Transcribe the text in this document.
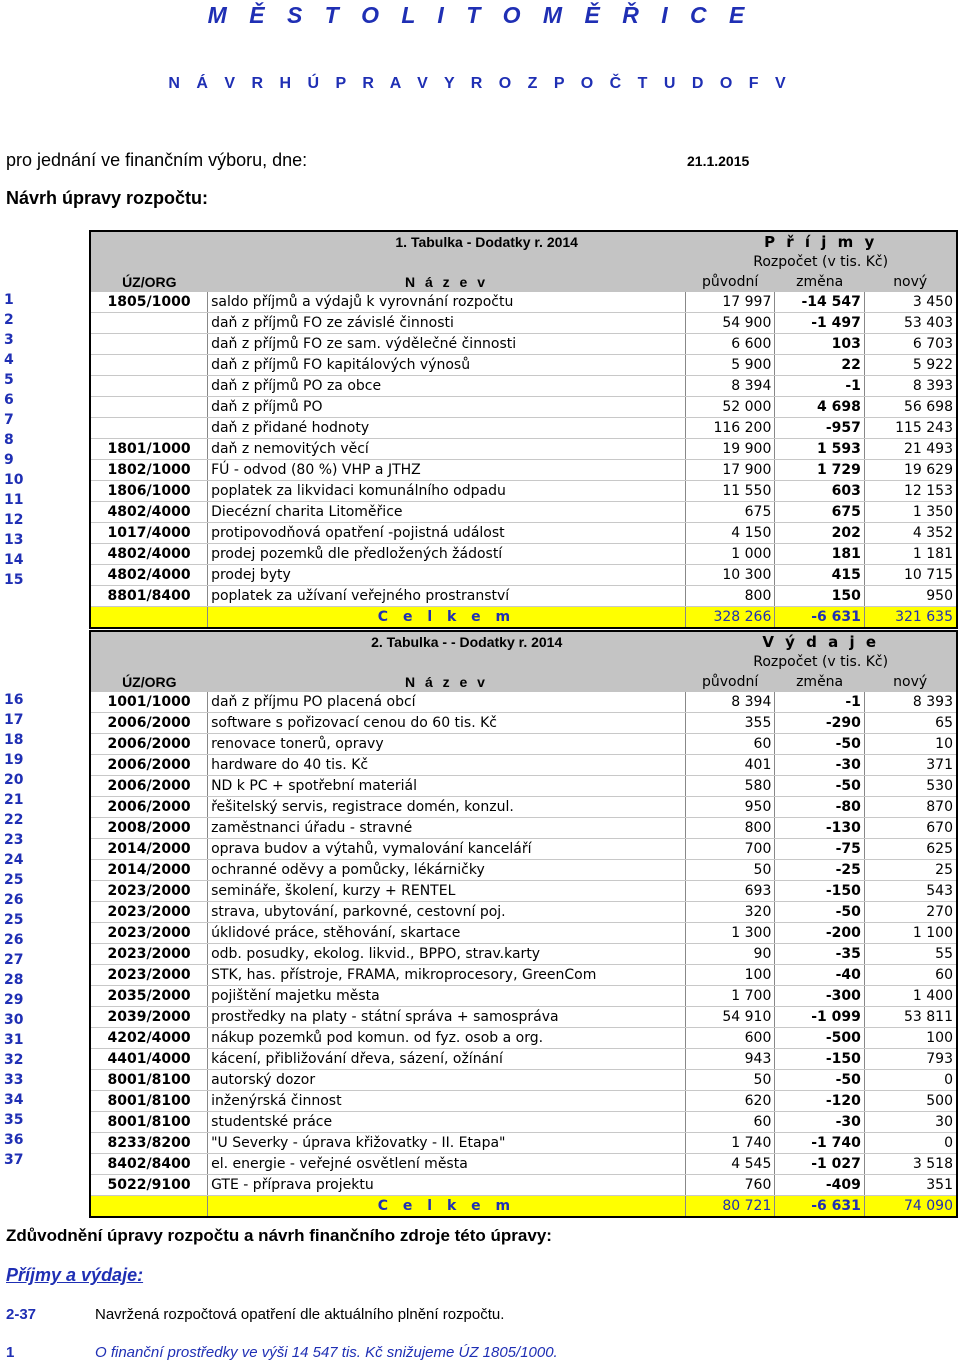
M Ě S T O L I T O M Ě Ř I C E
N Á V R H Ú P R A V Y R O Z P O Č T U D O F V
pro jednání ve finančním výboru, dne:	21.1.2015
Návrh úpravy rozpočtu:
1
2
3
4
5
6
7
8
9
10
11
12
13
14
15
1. Tabulka - Dodatky r. 2014		P ř í j m y		
		Rozpočet (v tis. Kč)		
ÚZ/ORG	N á z e v	původní	změna	nový
1805/1000	saldo příjmů a výdajů k vyrovnání rozpočtu	17 997	-14 547	3 450
	daň z příjmů FO ze závislé činnosti	54 900	-1 497	53 403
	daň z příjmů FO ze sam. výdělečné činnosti	6 600	103	6 703
	daň z příjmů FO kapitálových výnosů	5 900	22	5 922
	daň z příjmů PO za obce	8 394	-1	8 393
	daň z příjmů PO	52 000	4 698	56 698
	daň z přidané hodnoty	116 200	-957	115 243
1801/1000	daň z nemovitých věcí	19 900	1 593	21 493
1802/1000	FÚ - odvod (80 %) VHP a JTHZ	17 900	1 729	19 629
1806/1000	poplatek za likvidaci komunálního odpadu	11 550	603	12 153
4802/4000	Diecézní charita Litoměřice	675	675	1 350
1017/4000	protipovodňová opatření -pojistná událost	4 150	202	4 352
4802/4000	prodej pozemků dle předložených žádostí	1 000	181	1 181
4802/4000	prodej byty	10 300	415	10 715
8801/8400	poplatek za užívaní veřejného prostranství	800	150	950
	C e l k e m	328 266	-6 631	321 635
16
17
18
19
20
21
22
23
24
25
26
25
26
27
28
29
30
31
32
33
34
35
36
37
2. Tabulka - - Dodatky r. 2014		V ý d a j e		
		Rozpočet (v tis. Kč)		
ÚZ/ORG	N á z e v	původní	změna	nový
1001/1000	daň z příjmu PO placená obcí	8 394	-1	8 393
2006/2000	software s pořizovací cenou do 60 tis. Kč	355	-290	65
2006/2000	renovace tonerů, opravy	60	-50	10
2006/2000	hardware do 40 tis. Kč	401	-30	371
2006/2000	ND k PC + spotřební materiál	580	-50	530
2006/2000	řešitelský servis, registrace domén, konzul.	950	-80	870
2008/2000	zaměstnanci úřadu - stravné	800	-130	670
2014/2000	oprava budov a výtahů, vymalování kanceláří	700	-75	625
2014/2000	ochranné oděvy a pomůcky, lékárničky	50	-25	25
2023/2000	semináře, školení, kurzy + RENTEL	693	-150	543
2023/2000	strava, ubytování, parkovné, cestovní poj.	320	-50	270
2023/2000	úklidové práce, stěhování, skartace	1 300	-200	1 100
2023/2000	odb. posudky, ekolog. likvid., BPPO, strav.karty	90	-35	55
2023/2000	STK, has. přístroje, FRAMA, mikroprocesory, GreenCom	100	-40	60
2035/2000	pojištění majetku města	1 700	-300	1 400
2039/2000	prostředky na platy - státní správa + samosprávа	54 910	-1 099	53 811
4202/4000	nákup pozemků pod komun. od fyz. osob a org.	600	-500	100
4401/4000	kácení, přibližování dřeva, sázení, ožínání	943	-150	793
8001/8100	autorský dozor	50	-50	0
8001/8100	inženýrská činnost	620	-120	500
8001/8100	studentské práce	60	-30	30
8233/8200	"U Severky - úprava křižovatky - II. Etapa"	1 740	-1 740	0
8402/8400	el. energie - veřejné osvětlení města	4 545	-1 027	3 518
5022/9100	GTE - příprava projektu	760	-409	351
	C e l k e m	80 721	-6 631	74 090
Zdůvodnění úpravy rozpočtu a návrh finančního zdroje této úpravy:
Příjmy a výdaje:
2-37	Navržená rozpočtová opatření dle aktuálního plnění rozpočtu.
1	O finanční prostředky ve výši 14 547 tis. Kč snižujeme ÚZ 1805/1000.
